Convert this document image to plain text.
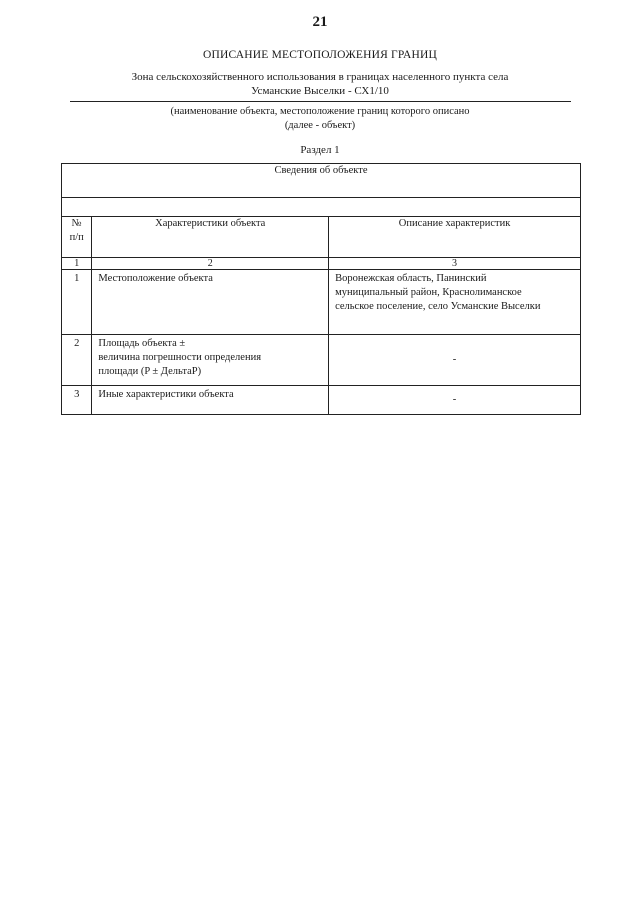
21
ОПИСАНИЕ МЕСТОПОЛОЖЕНИЯ ГРАНИЦ
Зона сельскохозяйственного использования в границах населенного пункта села
Усманские Выселки - СХ1/10
(наименование объекта, местоположение границ которого описано
(далее - объект)
Раздел 1
Сведения об объекте		

№
п/п	Характеристики объекта	Описание характеристик
1	2	3
1	Местоположение объекта	Воронежская область, Панинский
муниципальный район, Краснолиманское
сельское поселение, село Усманские Выселки

2	Площадь объекта ±
величина погрешности определения
площади (P ± ДельтаP)	-
3	Иные характеристики объекта	-
